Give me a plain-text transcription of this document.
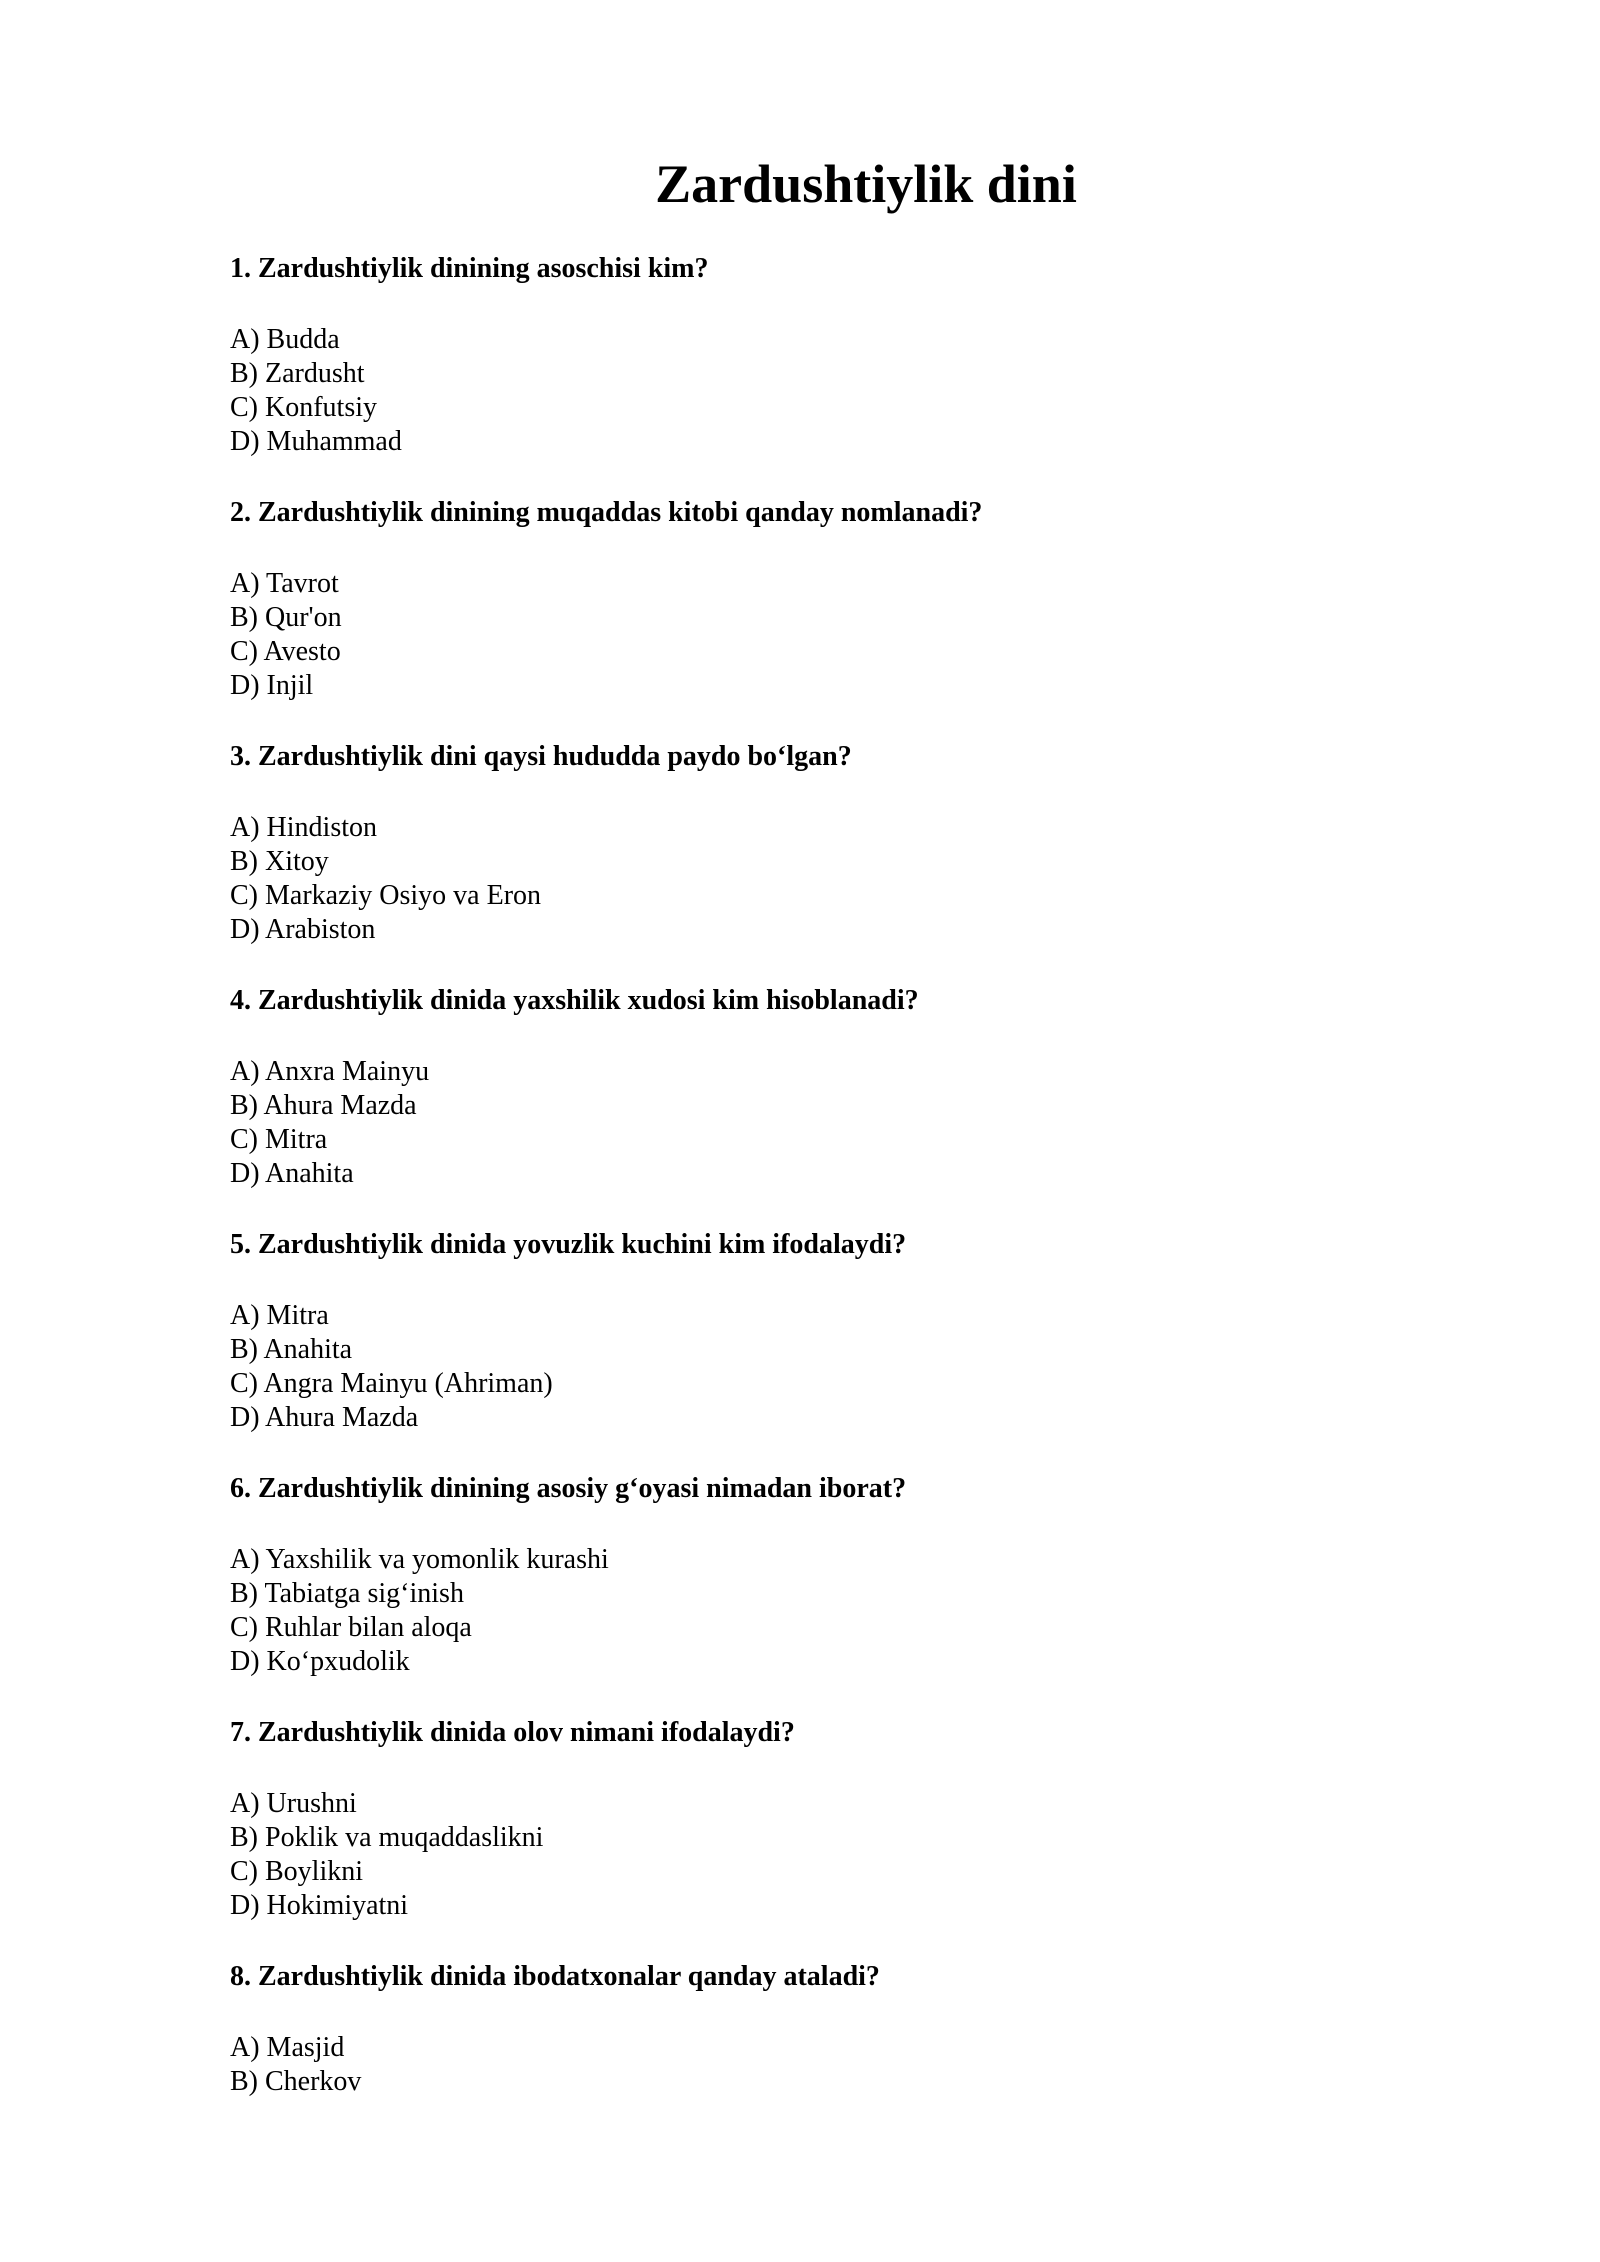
Zardushtiylik dini

1. Zardushtiylik dinining asoschisi kim?

A) Budda
B) Zardusht
C) Konfutsiy
D) Muhammad

2. Zardushtiylik dinining muqaddas kitobi qanday nomlanadi?

A) Tavrot
B) Qur'on
C) Avesto
D) Injil

3. Zardushtiylik dini qaysi hududda paydo bo‘lgan?

A) Hindiston
B) Xitoy
C) Markaziy Osiyo va Eron
D) Arabiston

4. Zardushtiylik dinida yaxshilik xudosi kim hisoblanadi?

A) Anxra Mainyu
B) Ahura Mazda
C) Mitra
D) Anahita

5. Zardushtiylik dinida yovuzlik kuchini kim ifodalaydi?

A) Mitra
B) Anahita
C) Angra Mainyu (Ahriman)
D) Ahura Mazda

6. Zardushtiylik dinining asosiy g‘oyasi nimadan iborat?

A) Yaxshilik va yomonlik kurashi
B) Tabiatga sig‘inish
C) Ruhlar bilan aloqa
D) Ko‘pxudolik

7. Zardushtiylik dinida olov nimani ifodalaydi?

A) Urushni
B) Poklik va muqaddaslikni
C) Boylikni
D) Hokimiyatni

8. Zardushtiylik dinida ibodatxonalar qanday ataladi?

A) Masjid
B) Cherkov
